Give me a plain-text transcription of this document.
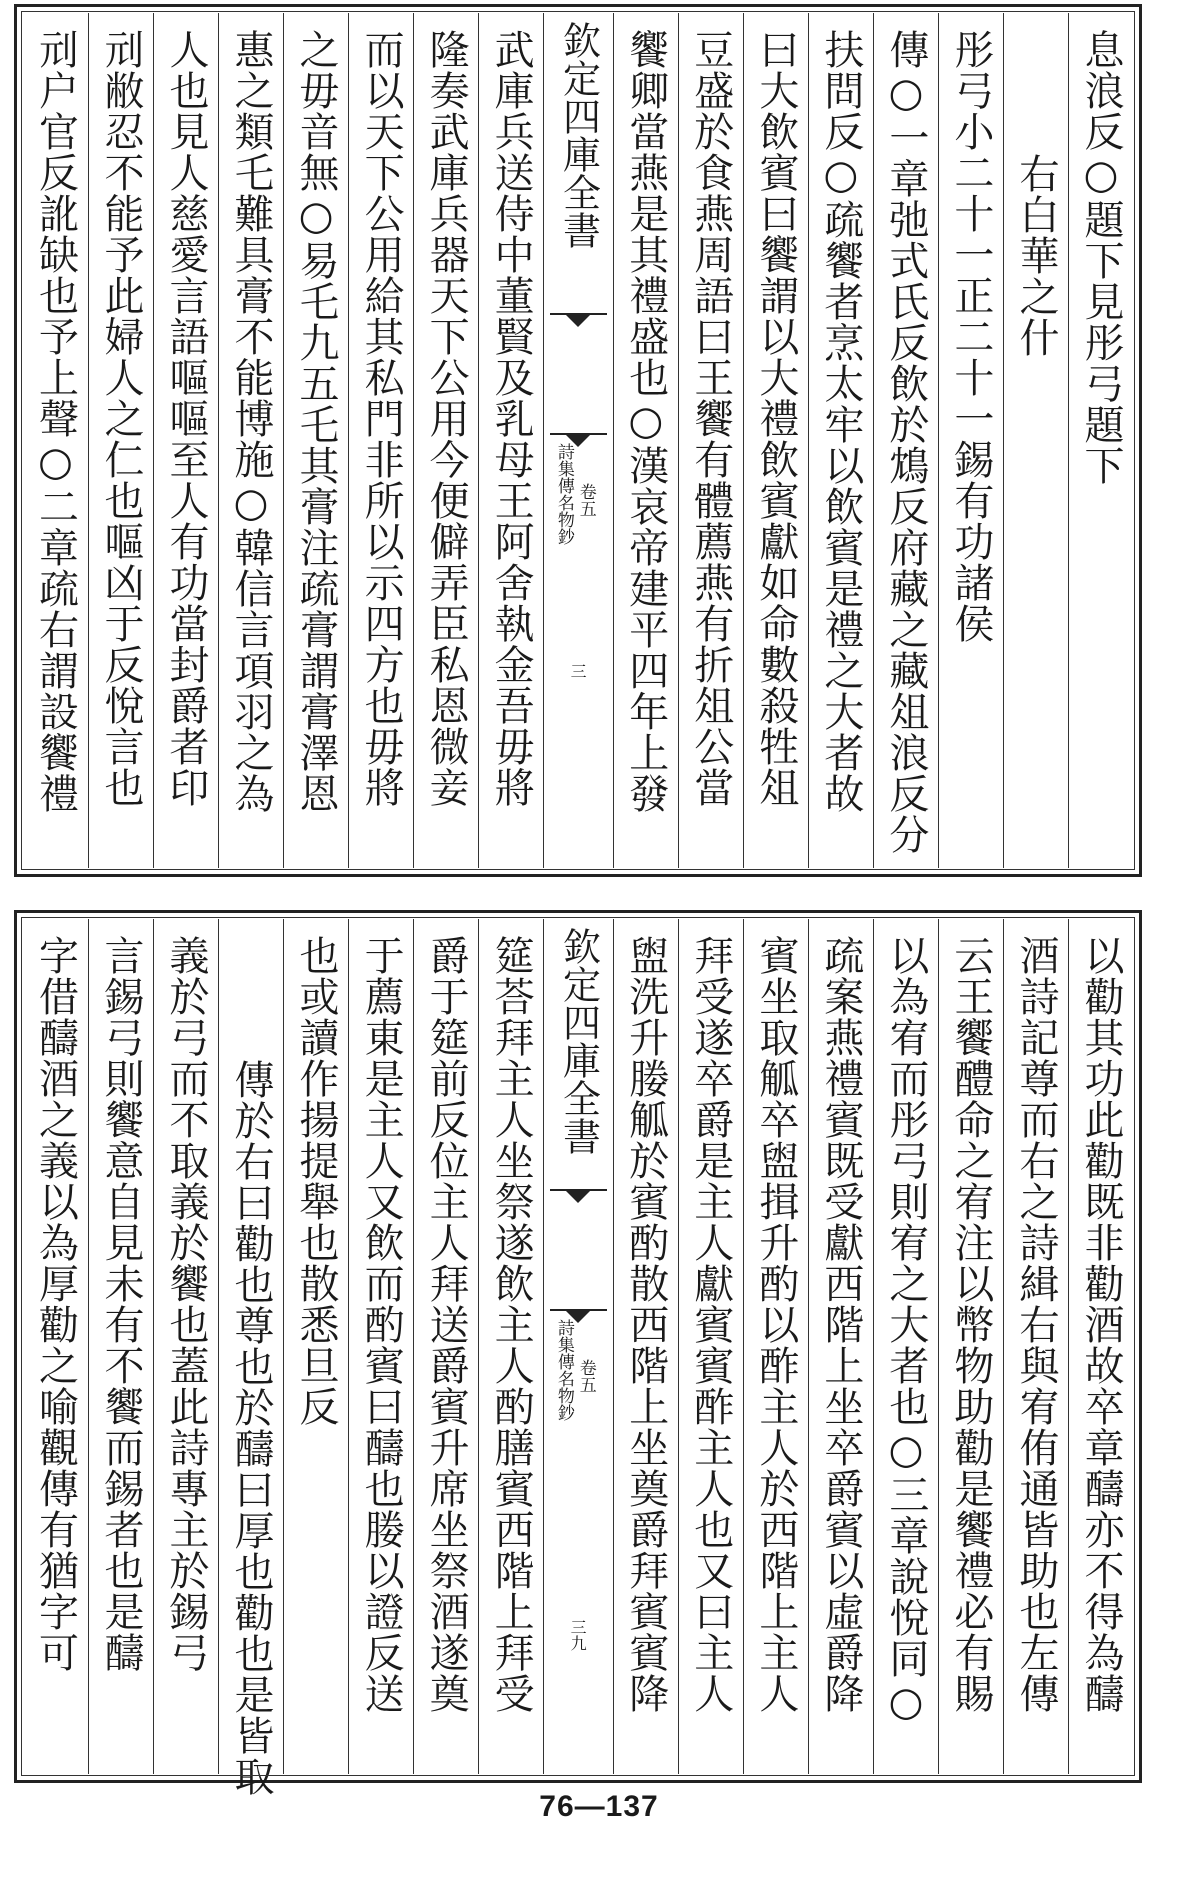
息浪反○題下見彤弓題下
右白華之什
彤弓小二十一正二十一錫有功諸侯
傳○一章弛式氏反飲於鴆反府藏之藏俎浪反分
扶問反○疏饗者烹太牢以飲賓是禮之大者故
曰大飲賓曰饗謂以大禮飲賓獻如命數殺牲俎
豆盛於食燕周語曰王饗有體薦燕有折俎公當
饗卿當燕是其禮盛也○漢哀帝建平四年上發
欽定四庫全書
詩集傳名物鈔 卷五
三
武庫兵送侍中董賢及乳母王阿舍執金吾毋將
隆奏武庫兵器天下公用今便僻弄臣私恩微妾
而以天下公用給其私門非所以示四方也毋將
之毋音無○易乇九五乇其膏注疏膏謂膏澤恩
惠之類乇難具膏不能博施○韓信言項羽之為
人也見人慈愛言語嘔嘔至人有功當封爵者印
刓敝忍不能予此婦人之仁也嘔凶于反悅言也
刓户官反訛缺也予上聲○二章疏右謂設饗禮
以勸其功此勸既非勸酒故卒章醻亦不得為醻
酒詩記尊而右之詩緝右與宥侑通皆助也左傳
云王饗醴命之宥注以幣物助勸是饗禮必有賜
以為宥而彤弓則宥之大者也○三章說悅同○
疏案燕禮賓既受獻西階上坐卒爵賓以虛爵降
賓坐取觚卒盥揖升酌以酢主人於西階上主人
拜受遂卒爵是主人獻賓賓酢主人也又曰主人
盥洗升媵觚於賓酌散西階上坐奠爵拜賓賓降
欽定四庫全書
詩集傳名物鈔 卷五
三九
筵荅拜主人坐祭遂飲主人酌膳賓西階上拜受
爵于筵前反位主人拜送爵賓升席坐祭酒遂奠
于薦東是主人又飲而酌賓曰醻也媵以證反送
也或讀作揚提舉也散悉旦反
傳於右曰勸也尊也於醻曰厚也勸也是皆取
義於弓而不取義於饗也蓋此詩專主於錫弓
言錫弓則饗意自見未有不饗而錫者也是醻
字借醻酒之義以為厚勸之喻觀傳有猶字可
76—137
